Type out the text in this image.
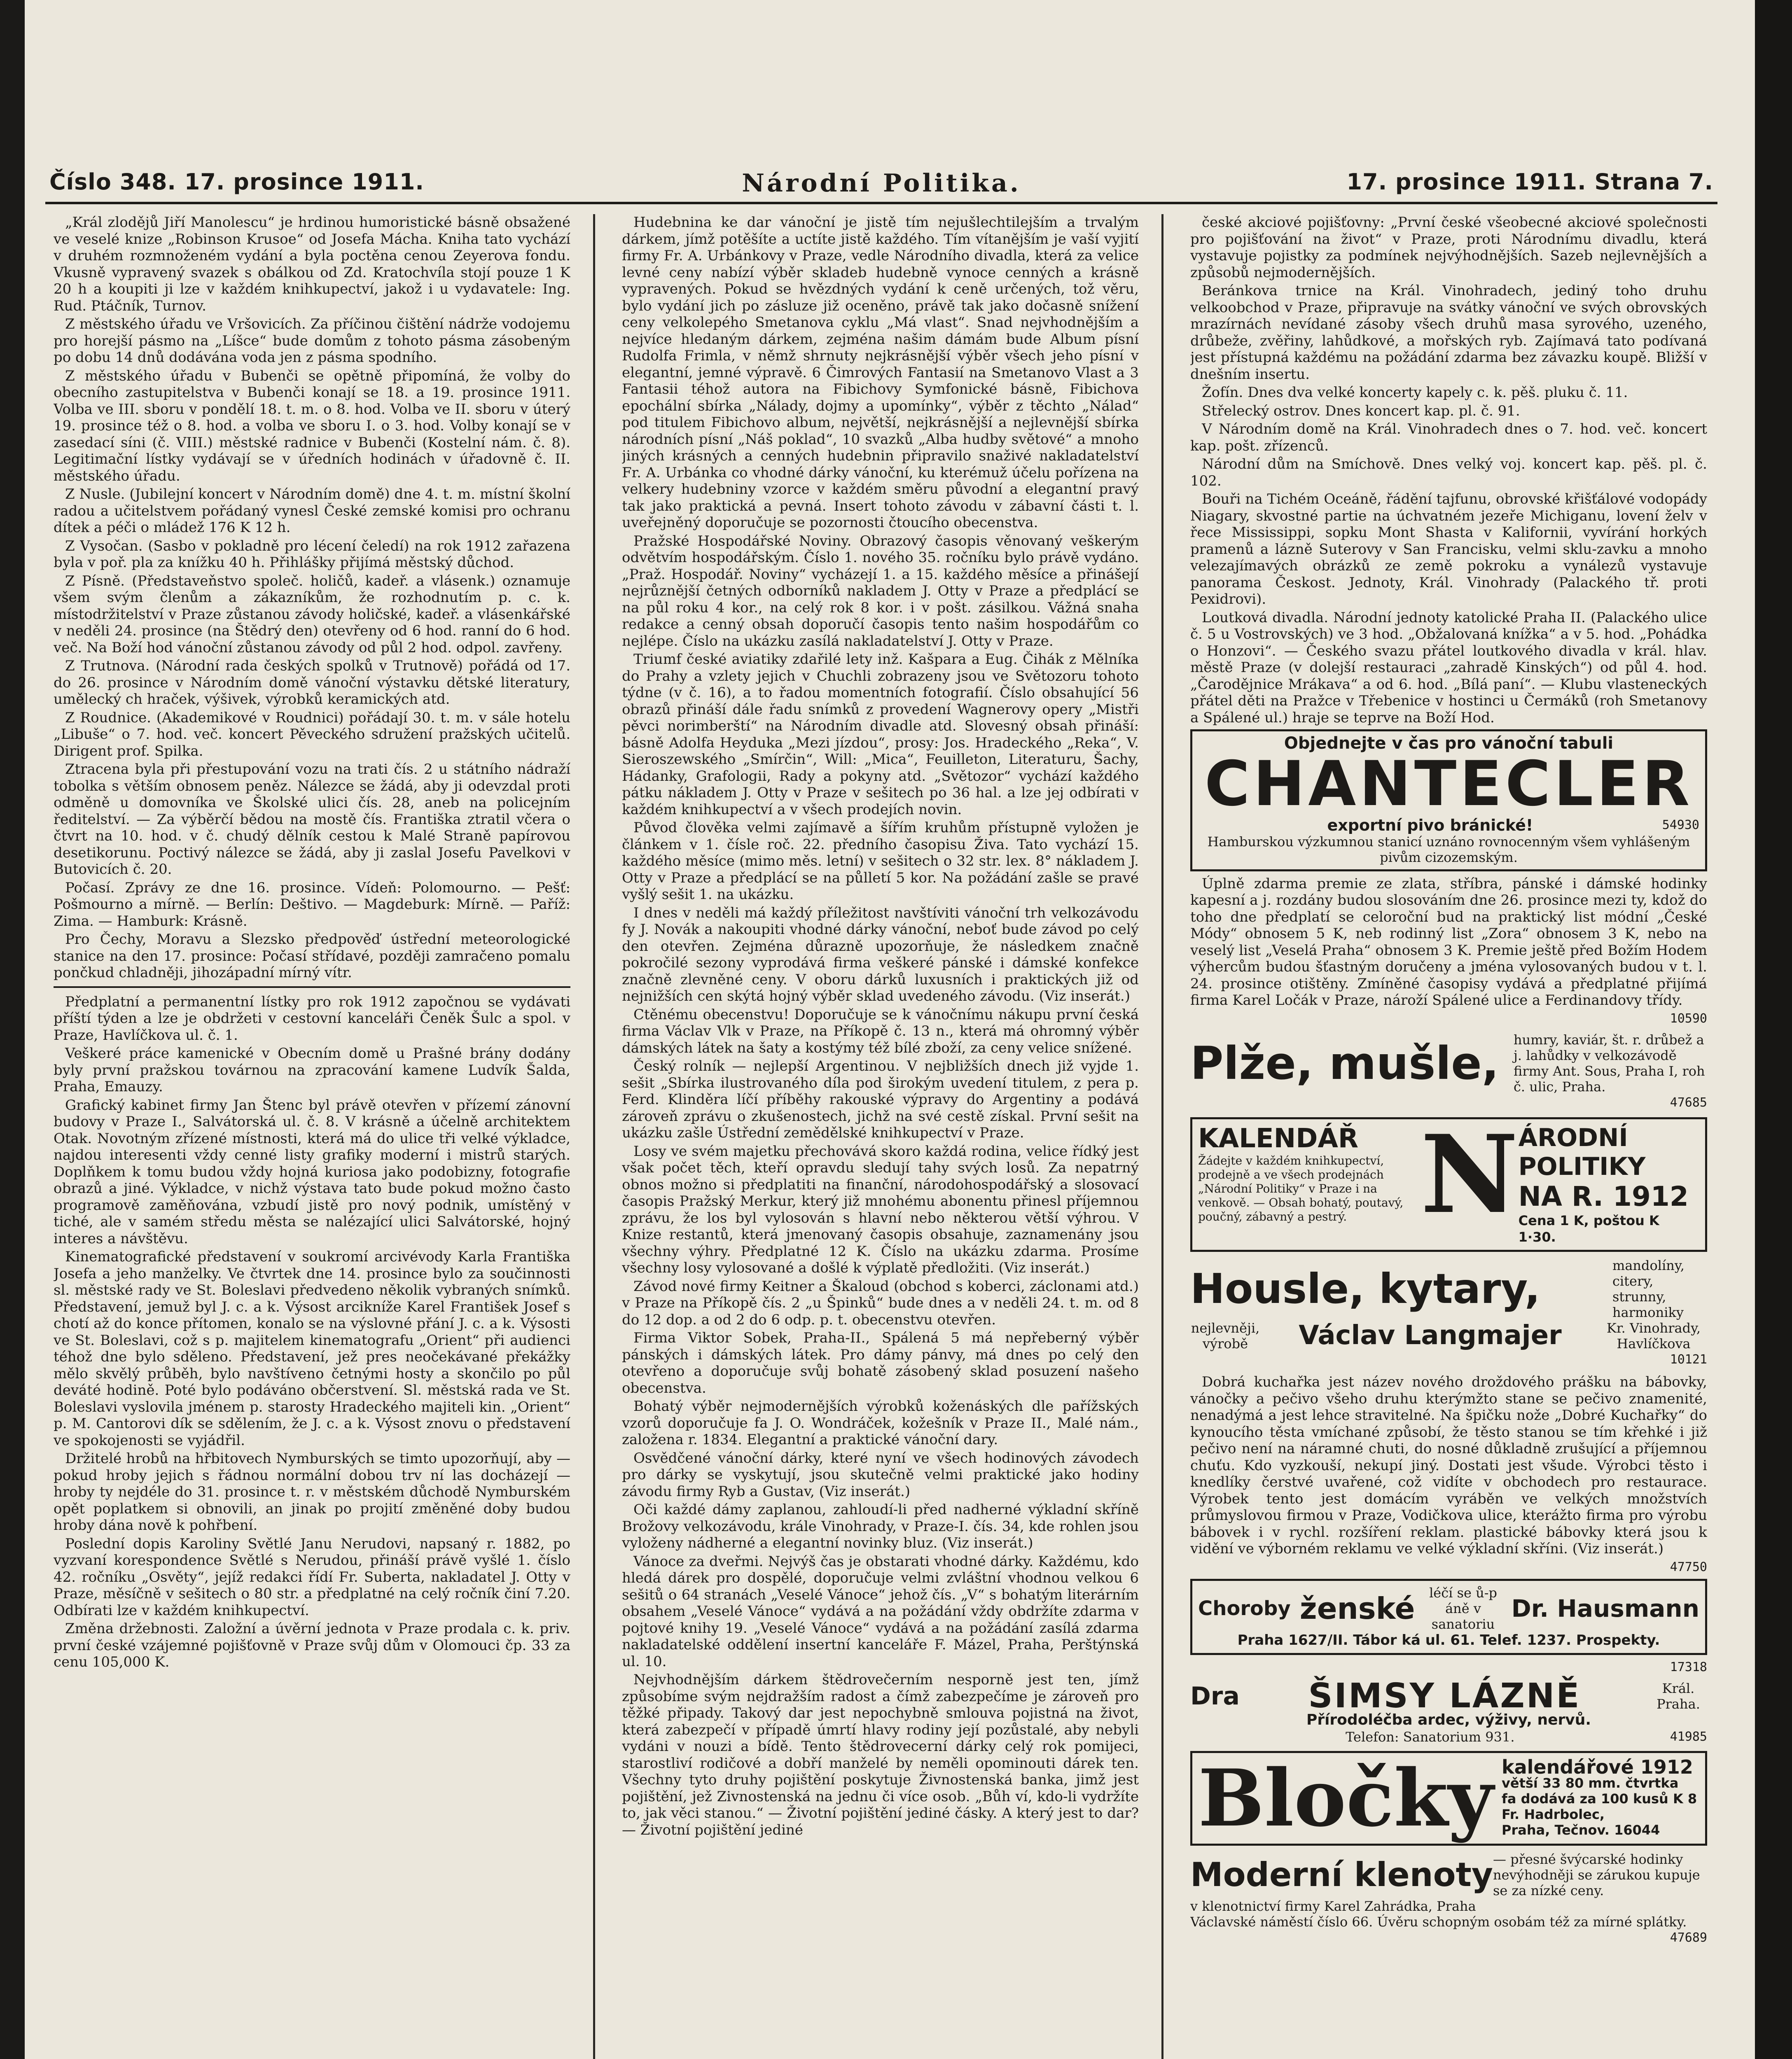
Číslo 348. 17. prosince 1911.	Národní Politika.	17. prosince 1911. Strana 7.

„Král zlodějů Jiří Manolescu“ je hrdinou humoristické básně obsažené ve veselé knize „Robinson Krusoe“ od Josefa Mácha. Kniha tato vychází v druhém rozmnoženém vydání a byla poctěna cenou Zeyerova fondu. Vkusně vypravený svazek s obálkou od Zd. Kratochvíla stojí pouze 1 K 20 h a koupiti ji lze v každém knihkupectví, jakož i u vydavatele: Ing. Rud. Ptáčník, Turnov.

Z městského úřadu ve Vršovicích. Za příčinou čištění nádrže vodojemu pro horejší pásmo na „Líšce“ bude domům z tohoto pásma zásobeným po dobu 14 dnů dodávána voda jen z pásma spodního.

Z městského úřadu v Bubenči se opětně připomíná, že volby do obecního zastupitelstva v Bubenči konají se 18. a 19. prosince 1911. Volba ve III. sboru v pondělí 18. t. m. o 8. hod. Volba ve II. sboru v úterý 19. prosince též o 8. hod. a volba ve sboru I. o 3. hod. Volby konají se v zasedací síni (č. VIII.) městské radnice v Bubenči (Kostelní nám. č. 8). Legitimační lístky vydávají se v úředních hodinách v úřadovně č. II. městského úřadu.

Z Nusle. (Jubilejní koncert v Národním domě) dne 4. t. m. místní školní radou a učitelstvem pořádaný vynesl České zemské komisi pro ochranu dítek a péči o mládež 176 K 12 h.

Z Vysočan. (Sasbo v pokladně pro lécení čeledí) na rok 1912 zařazena byla v poř. pla za knížku 40 h. Přihlášky přijímá městský důchod.

Z Písně. (Představeňstvo společ. holičů, kadeř. a vlásenk.) oznamuje všem svým členům a zákazníkům, že rozhodnutím p. c. k. místodržitelství v Praze zůstanou závody holičské, kadeř. a vlásenkářské v neděli 24. prosince (na Štědrý den) otevřeny od 6 hod. ranní do 6 hod. več. Na Boží hod vánoční zůstanou závody od půl 2 hod. odpol. zavřeny.

Z Trutnova. (Národní rada českých spolků v Trutnově) pořádá od 17. do 26. prosince v Národním domě vánoční výstavku dětské literatury, umělecký ch hraček, výšivek, výrobků keramických atd.

Z Roudnice. (Akademikové v Roudnici) pořádají 30. t. m. v sále hotelu „Libuše“ o 7. hod. več. koncert Pěveckého sdružení pražských učitelů. Dirigent prof. Spilka.

Ztracena byla při přestupování vozu na trati čís. 2 u státního nádraží tobolka s větším obnosem peněz. Nálezce se žádá, aby ji odevzdal proti odměně u domovníka ve Školské ulici čís. 28, aneb na policejním ředitelství. — Za výběrčí bědou na mostě čís. Františka ztratil včera o čtvrt na 10. hod. v č. chudý dělník cestou k Malé Straně papírovou desetikorunu. Poctivý nálezce se žádá, aby ji zaslal Josefu Pavelkovi v Butovicích č. 20.

Počasí. Zprávy ze dne 16. prosince. Vídeň: Polomourno. — Pešť: Pošmourno a mírně. — Berlín: Deštivo. — Magdeburk: Mírně. — Paříž: Zima. — Hamburk: Krásně.

Pro Čechy, Moravu a Slezsko předpověď ústřední meteorologické stanice na den 17. prosince: Počasí střídavé, později zamračeno pomalu pončkud chladněji, jihozápadní mírný vítr.

Předplatní a permanentní lístky pro rok 1912 započnou se vydávati příští týden a lze je obdržeti v cestovní kanceláři Čeněk Šulc a spol. v Praze, Havlíčkova ul. č. 1.

Veškeré práce kamenické v Obecním domě u Prašné brány dodány byly první pražskou továrnou na zpracování kamene Ludvík Šalda, Praha, Emauzy.

Grafický kabinet firmy Jan Štenc byl právě otevřen v přízemí zánovní budovy v Praze I., Salvátorská ul. č. 8. V krásně a účelně architektem Otak. Novotným zřízené místnosti, která má do ulice tři velké výkladce, najdou interesenti vždy cenné listy grafiky moderní i mistrů starých. Doplňkem k tomu budou vždy hojná kuriosa jako podobizny, fotografie obrazů a jiné. Výkladce, v nichž výstava tato bude pokud možno často programově zaměňována, vzbudí jistě pro nový podnik, umístěný v tiché, ale v samém středu města se nalézající ulici Salvátorské, hojný interes a návštěvu.

Kinematografické představení v soukromí arcivévody Karla Františka Josefa a jeho manželky. Ve čtvrtek dne 14. prosince bylo za součinnosti sl. městské rady ve St. Boleslavi předvedeno několik vybraných snímků. Představení, jemuž byl J. c. a k. Výsost arcikníže Karel František Josef s chotí až do konce přítomen, konalo se na výslovné přání J. c. a k. Výsosti ve St. Boleslavi, což s p. majitelem kinematografu „Orient“ při audienci téhož dne bylo sděleno. Představení, jež pres neočekávané překážky mělo skvělý průběh, bylo navštíveno četnými hosty a skončilo po půl deváté hodině. Poté bylo podáváno občerstvení. Sl. městská rada ve St. Boleslavi vyslovila jménem p. starosty Hradeckého majiteli kin. „Orient“ p. M. Cantorovi dík se sdělením, že J. c. a k. Výsost znovu o představení ve spokojenosti se vyjádřil.

Držitelé hrobů na hřbitovech Nymburských se timto upozorňují, aby — pokud hroby jejich s řádnou normální dobou trv ní las docházejí — hroby ty nejdéle do 31. prosince t. r. v městském důchodě Nymburském opět poplatkem si obnovili, an jinak po projití změněné doby budou hroby dána nově k pohřbení.

Poslední dopis Karoliny Světlé Janu Nerudovi, napsaný r. 1882, po vyzvaní korespondence Světlé s Nerudou, přináší právě vyšlé 1. číslo 42. ročníku „Osvěty“, jejíž redakci řídí Fr. Suberta, nakladatel J. Otty v Praze, měsíčně v sešitech o 80 str. a předplatné na celý ročník činí 7.20. Odbírati lze v každém knihkupectví.

Změna držebnosti. Založní a úvěrní jednota v Praze prodala c. k. priv. první české vzájemné pojišťovně v Praze svůj dům v Olomouci čp. 33 za cenu 105,000 K.

Hudebnina ke dar vánoční je jistě tím nejušlechtilejším a trvalým dárkem, jímž potěšíte a uctíte jistě každého. Tím vítanějším je vaší vyjití firmy Fr. A. Urbánkovy v Praze, vedle Národního divadla, která za velice levné ceny nabízí výběr skladeb hudebně vynoce cenných a krásně vypravených. Pokud se hvězdných vydání k ceně určených, tož věru, bylo vydání jich po zásluze již oceněno, právě tak jako dočasně snížení ceny velkolepého Smetanova cyklu „Má vlast“. Snad nejvhodnějším a nejvíce hledaným dárkem, zejména našim dámám bude Album písní Rudolfa Frimla, v němž shrnuty nejkrásnější výběr všech jeho písní v elegantní, jemné výpravě. 6 Čimrových Fantasií na Smetanovo Vlast a 3 Fantasii téhož autora na Fibichovy Symfonické básně, Fibichova epochální sbírka „Nálady, dojmy a upomínky“, výběr z těchto „Nálad“ pod titulem Fibichovo album, největší, nejkrásnější a nejlevnější sbírka národních písní „Náš poklad“, 10 svazků „Alba hudby světové“ a mnoho jiných krásných a cenných hudebnin připravilo snaživé nakladatelství Fr. A. Urbánka co vhodné dárky vánoční, ku kterémuž účelu pořízena na velkery hudebniny vzorce v každém směru původní a elegantní pravý tak jako praktická a pevná. Insert tohoto závodu v zábavní části t. l. uveřejněný doporučuje se pozornosti čtoucího obecenstva.

Pražské Hospodářské Noviny. Obrazový časopis věnovaný veškerým odvětvím hospodářským. Číslo 1. nového 35. ročníku bylo právě vydáno. „Praž. Hospodář. Noviny“ vycházejí 1. a 15. každého měsíce a přinášejí nejrůznější četných odborníků nakladem J. Otty v Praze a předplácí se na půl roku 4 kor., na celý rok 8 kor. i v pošt. zásilkou. Vážná snaha redakce a cenný obsah doporučí časopis tento našim hospodářům co nejlépe. Číslo na ukázku zasílá nakladatelství J. Otty v Praze.

Triumf české aviatiky zdařilé lety inž. Kašpara a Eug. Čihák z Mělníka do Prahy a vzlety jejich v Chuchli zobrazeny jsou ve Světozoru tohoto týdne (v č. 16), a to řadou momentních fotografií. Číslo obsahující 56 obrazů přináší dále řadu snímků z provedení Wagnerovy opery „Mistři pěvci norimberští“ na Národním divadle atd. Slovesný obsah přináší: básně Adolfa Heyduka „Mezi jízdou“, prosy: Jos. Hradeckého „Reka“, V. Sieroszewského „Smírčin“, Will: „Mica“, Feuilleton, Literaturu, Šachy, Hádanky, Grafologii, Rady a pokyny atd. „Světozor“ vychází každého pátku nákladem J. Otty v Praze v sešitech po 36 hal. a lze jej odbírati v každém knihkupectví a v všech prodejích novin.

Původ člověka velmi zajímavě a šířím kruhům přístupně vyložen je článkem v 1. čísle roč. 22. předního časopisu Živa. Tato vychází 15. každého měsíce (mimo měs. letní) v sešitech o 32 str. lex. 8° nákladem J. Otty v Praze a předplácí se na půlletí 5 kor. Na požádání zašle se pravé vyšlý sešit 1. na ukázku.

I dnes v neděli má každý příležitost navštíviti vánoční trh velkozávodu fy J. Novák a nakoupiti vhodné dárky vánoční, neboť bude závod po celý den otevřen. Zejména důrazně upozorňuje, že následkem značně pokročilé sezony vyprodává firma veškeré pánské i dámské konfekce značně zlevněné ceny. V oboru dárků luxusních i praktických již od nejnižších cen skýtá hojný výběr sklad uvedeného závodu. (Viz inserát.)

Ctěnému obecenstvu! Doporučuje se k vánočnímu nákupu první česká firma Václav Vlk v Praze, na Příkopě č. 13 n., která má ohromný výběr dámských látek na šaty a kostýmy též bílé zboží, za ceny velice snížené.

Český rolník — nejlepší Argentinou. V nejbližších dnech již vyjde 1. sešit „Sbírka ilustrovaného díla pod širokým uvedení titulem, z pera p. Ferd. Klinděra líčí příběhy rakouské výpravy do Argentiny a podává zároveň zprávu o zkušenostech, jichž na své cestě získal. První sešit na ukázku zašle Ústřední zemědělské knihkupectví v Praze.

Losy ve svém majetku přechovává skoro každá rodina, velice řídký jest však počet těch, kteří opravdu sledují tahy svých losů. Za nepatrný obnos možno si předplatiti na finanční, národohospodářský a slosovací časopis Pražský Merkur, který již mnohému abonentu přinesl příjemnou zprávu, že los byl vylosován s hlavní nebo některou větší výhrou. V Knize restantů, která jmenovaný časopis obsahuje, zaznamenány jsou všechny výhry. Předplatné 12 K. Číslo na ukázku zdarma. Prosíme všechny losy vylosované a došlé k výplatě předložiti. (Viz inserát.)

Závod nové firmy Keitner a Škaloud (obchod s koberci, záclonami atd.) v Praze na Příkopě čís. 2 „u Špinků“ bude dnes a v neděli 24. t. m. od 8 do 12 dop. a od 2 do 6 odp. p. t. obecenstvu otevřen.

Firma Viktor Sobek, Praha-II., Spálená 5 má nepřeberný výběr pánských i dámských látek. Pro dámy pánvy, má dnes po celý den otevřeno a doporučuje svůj bohatě zásobený sklad posuzení našeho obecenstva.

Bohatý výběr nejmodernějších výrobků koženáských dle pařížských vzorů doporučuje fa J. O. Wondráček, kožešník v Praze II., Malé nám., založena r. 1834. Elegantní a praktické vánoční dary.

Osvědčené vánoční dárky, které nyní ve všech hodinových závodech pro dárky se vyskytují, jsou skutečně velmi praktické jako hodiny závodu firmy Ryb a Gustav, (Viz inserát.)

Oči každé dámy zaplanou, zahloudí-li před nadherné výkladní skříně Brožovy velkozávodu, krále Vinohrady, v Praze-I. čís. 34, kde rohlen jsou vyloženy nádherné a elegantní novinky bluz. (Viz inserát.)

Vánoce za dveřmi. Nejvýš čas je obstarati vhodné dárky. Každému, kdo hledá dárek pro dospělé, doporučuje velmi zvláštní vhodnou velkou 6 sešitů o 64 stranách „Veselé Vánoce“ jehož čís. „V“ s bohatým literárním obsahem „Veselé Vánoce“ vydává a na požádání vždy obdržíte zdarma v pojtové knihy 19. „Veselé Vánoce“ vydává a na požádání zasílá zdarma nakladatelské oddělení insertní kanceláře F. Mázel, Praha, Perštýnská ul. 10.

Nejvhodnějším dárkem štědrovečerním nesporně jest ten, jímž způsobíme svým nejdražším radost a čímž zabezpečíme je zároveň pro těžké připady. Takový dar jest nepochybně smlouva pojistná na život, která zabezpečí v případě úmrtí hlavy rodiny její pozůstalé, aby nebyli vydáni v nouzi a bídě. Tento štědrovecerní dárky celý rok pomijeci, starostliví rodičové a dobří manželé by neměli opominouti dárek ten. Všechny tyto druhy pojištění poskytuje Živnostenská banka, jimž jest pojištění, jež Zivnostenská na jednu či více osob. „Bůh ví, kdo-li vydržíte to, jak věci stanou.“ — Životní pojištění jediné čásky. A který jest to dar? — Životní pojištění jediné

české akciové pojišťovny: „První české všeobecné akciové společnosti pro pojišťování na život“ v Praze, proti Národnímu divadlu, která vystavuje pojistky za podmínek nejvýhodnějších. Sazeb nejlevnějších a způsobů nejmodernějších.

Beránkova trnice na Král. Vinohradech, jediný toho druhu velkoobchod v Praze, připravuje na svátky vánoční ve svých obrovských mrazírnách nevídané zásoby všech druhů masa syrového, uzeného, drůbeže, zvěřiny, lahůdkové, a mořských ryb. Zajímavá tato podívaná jest přístupná každému na požádání zdarma bez závazku koupě. Bližší v dnešním insertu.

Žofín. Dnes dva velké koncerty kapely c. k. pěš. pluku č. 11.

Střelecký ostrov. Dnes koncert kap. pl. č. 91.

V Národním domě na Král. Vinohradech dnes o 7. hod. več. koncert kap. pošt. zřízenců.

Národní dům na Smíchově. Dnes velký voj. koncert kap. pěš. pl. č. 102.

Bouři na Tichém Oceáně, řádění tajfunu, obrovské křišťálové vodopády Niagary, skvostné partie na úchvatném jezeře Michiganu, lovení želv v řece Mississippi, sopku Mont Shasta v Kalifornii, vyvírání horkých pramenů a lázně Suterovy v San Francisku, velmi sklu-zavku a mnoho velezajímavých obrázků ze země pokroku a vynálezů vystavuje panorama Českost. Jednoty, Král. Vinohrady (Palackého tř. proti Pexidrovi).

Loutková divadla. Národní jednoty katolické Praha II. (Palackého ulice č. 5 u Vostrovských) ve 3 hod. „Obžalovaná knížka“ a v 5. hod. „Pohádka o Honzovi“. — Českého svazu přátel loutkového divadla v král. hlav. městě Praze (v dolejší restauraci „zahradě Kinských“) od půl 4. hod. „Čarodějnice Mrákava“ a od 6. hod. „Bílá paní“. — Klubu vlasteneckých přátel děti na Pražce v Třebenice v hostinci u Čermáků (roh Smetanovy a Spálené ul.) hraje se teprve na Boží Hod.

Objednejte v čas pro vánoční tabuli
CHANTECLER
exportní pivo bránické!	54930
Hamburskou výzkumnou stanicí uznáno rovnocenným všem vyhlášeným pivům cizozemským.

Úplně zdarma premie ze zlata, stříbra, pánské i dámské hodinky kapesní a j. rozdány budou slosováním dne 26. prosince mezi ty, kdož do toho dne předplatí se celoroční bud na praktický list módní „České Módy“ obnosem 5 K, neb rodinný list „Zora“ obnosem 3 K, nebo na veselý list „Veselá Praha“ obnosem 3 K. Premie ještě před Božím Hodem výhercům budou šťastným doručeny a jména vylosovaných budou v t. l. 24. prosince otištěny. Zmíněné časopisy vydává a předplatné přijímá firma Karel Ločák v Praze, nároží Spálené ulice a Ferdinandovy třídy.

10590
Plže, mušle, humry, kaviár, št. r. drůbež a j. lahůdky v velkozávodě firmy Ant. Sous, Praha I, roh č. ulic, Praha.
47685
KALENDÁŘ
Žádejte v každém knihkupectví, prodejně a ve všech prodejnách „Národní Politiky“ v Praze i na venkově. — Obsah bohatý, poutavý, poučný, zábavný a pestrý. N ÁRODNÍ POLITIKY
NA R. 1912
Cena 1 K, poštou K 1·30.
Housle, kytary,	mandolíny, citery, strunny, harmoniky
nejlevněji, výrobě	Václav Langmajer	Kr. Vinohrady, Havlíčkova
10121

Dobrá kuchařka jest název nového droždového prášku na bábovky, vánočky a pečivo všeho druhu kterýmžto stane se pečivo znamenité, nenadýmá a jest lehce stravitelné. Na špičku nože „Dobré Kuchařky“ do kynoucího těsta vmíchané způsobí, že těsto stanou se tím křehké i již pečivo není na náramné chuti, do nosné důkladně zrušující a příjemnou chuťu. Kdo vyzkouší, nekupí jiný. Dostati jest všude. Výrobci těsto i knedlíky čerstvé uvařené, což vidíte v obchodech pro restaurace. Výrobek tento jest domácím vyráběn ve velkých množstvích průmyslovou firmou v Praze, Vodičkova ulice, kterážto firma pro výrobu bábovek i v rychl. rozšíření reklam. plastické bábovky která jsou k vidění ve výborném reklamu ve velké výkladní skříni. (Viz inserát.)

47750
Choroby ženské	léčí se ů-p áně v sanatoriu
Dr. Hausmann
Praha 1627/II. Tábor ká ul. 61. Telef. 1237. Prospekty.
17318
Dra ŠIMSY LÁZNĚ	Král. Praha.
Přírodoléčba ardec, výživy, nervů.
Telefon: Sanatorium 931.	41985
Bločky kalendářové 1912
větší 33 80 mm. čtvrtka
fa dodává za 100 kusů K 8
Fr. Hadrbolec,
Praha, Tečnov. 16044
Moderní klenoty — přesné švýcarské hodinky nevýhodněji se zárukou kupuje se za nízké ceny.
v klenotnictví firmy Karel Zahrádka, Praha
Václavské náměstí číslo 66. Úvěru schopným osobám též za mírné splátky.
47689
